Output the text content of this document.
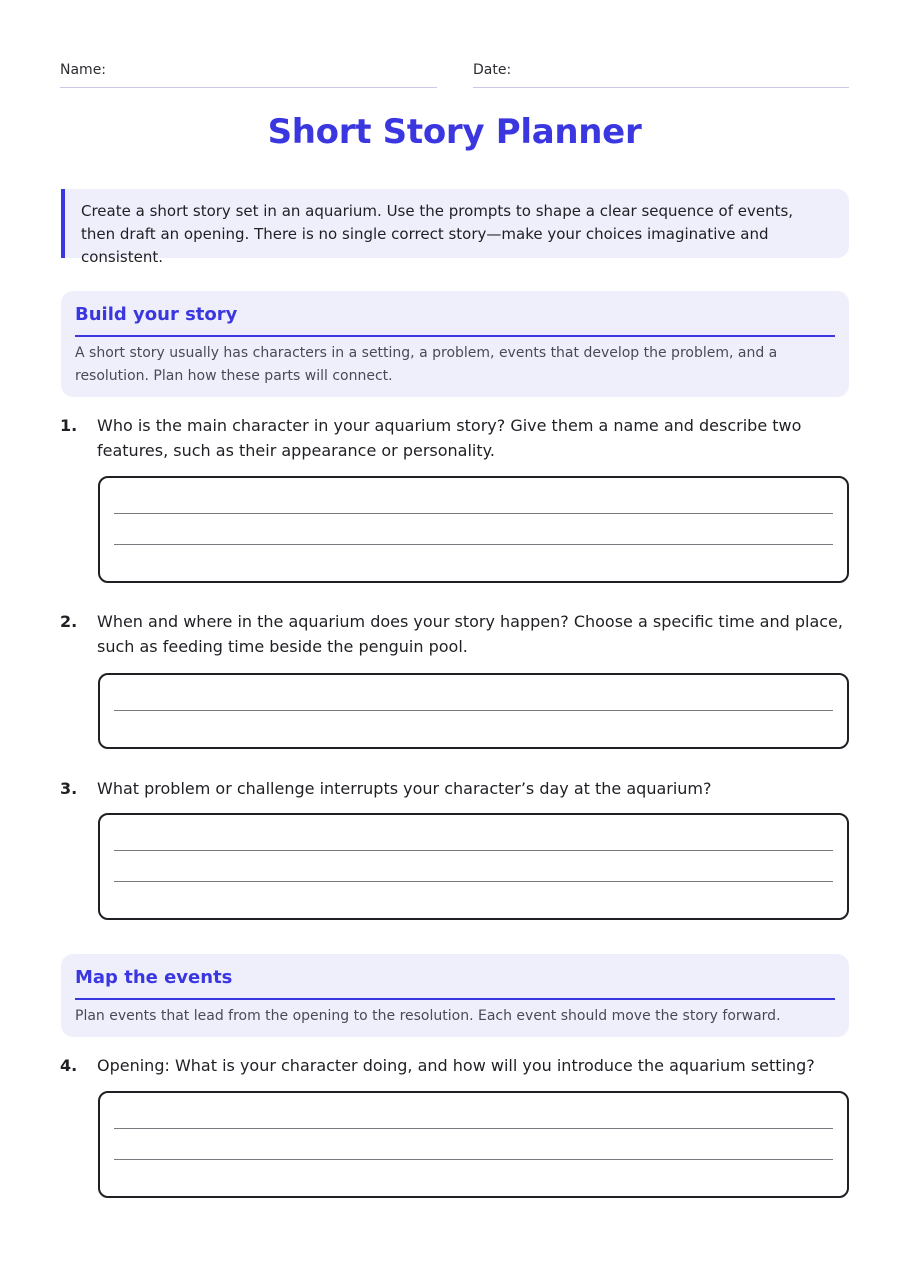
Name:	Date:
Short Story Planner
Create a short story set in an aquarium. Use the prompts to shape a clear sequence of events, then draft an opening. There is no single correct story—make your choices imaginative and consistent.
Build your story

A short story usually has characters in a setting, a problem, events that develop the problem, and a resolution. Plan how these parts will connect.

1. Who is the main character in your aquarium story? Give them a name and describe two features, such as their appearance or personality.
2. When and where in the aquarium does your story happen? Choose a specific time and place, such as feeding time beside the penguin pool.
3. What problem or challenge interrupts your character’s day at the aquarium?
Map the events

Plan events that lead from the opening to the resolution. Each event should move the story forward.

4. Opening: What is your character doing, and how will you introduce the aquarium setting?
